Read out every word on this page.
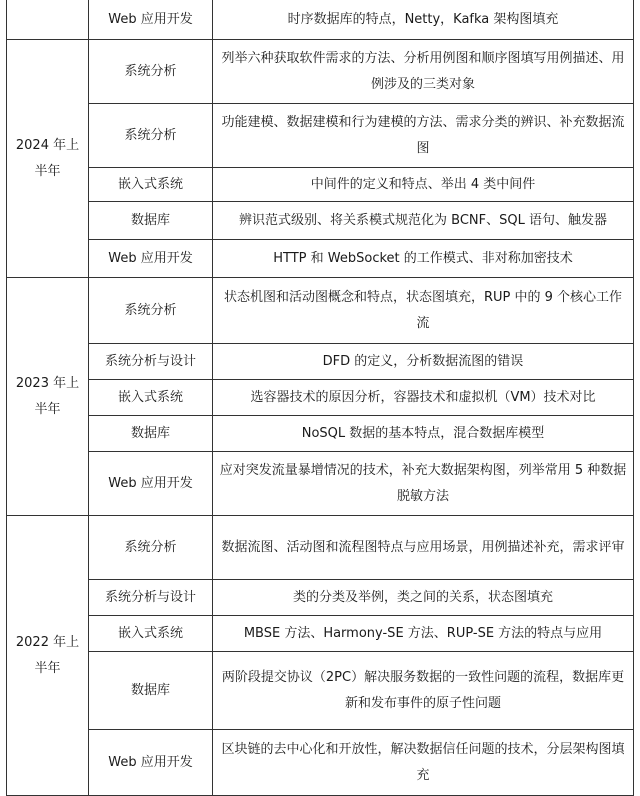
	Web 应用开发	时序数据库的特点，Netty，Kafka 架构图填充
2024 年上半年	系统分析	列举六种获取软件需求的方法、分析用例图和顺序图填写用例描述、用例涉及的三类对象
	系统分析	功能建模、数据建模和行为建模的方法、需求分类的辨识、补充数据流图
	嵌入式系统	中间件的定义和特点、举出 4 类中间件
	数据库	辨识范式级别、将关系模式规范化为 BCNF、SQL 语句、触发器
	Web 应用开发	HTTP 和 WebSocket 的工作模式、非对称加密技术
2023 年上半年	系统分析	状态机图和活动图概念和特点，状态图填充，RUP 中的 9 个核心工作流
	系统分析与设计	DFD 的定义，分析数据流图的错误
	嵌入式系统	选容器技术的原因分析，容器技术和虚拟机（VM）技术对比
	数据库	NoSQL 数据的基本特点，混合数据库模型
	Web 应用开发	应对突发流量暴增情况的技术，补充大数据架构图，列举常用 5 种数据脱敏方法
2022 年上半年	系统分析	数据流图、活动图和流程图特点与应用场景，用例描述补充，需求评审
	系统分析与设计	类的分类及举例，类之间的关系，状态图填充
	嵌入式系统	MBSE 方法、Harmony-SE 方法、RUP-SE 方法的特点与应用
	数据库	两阶段提交协议（2PC）解决服务数据的一致性问题的流程，数据库更新和发布事件的原子性问题
	Web 应用开发	区块链的去中心化和开放性，解决数据信任问题的技术，分层架构图填充
